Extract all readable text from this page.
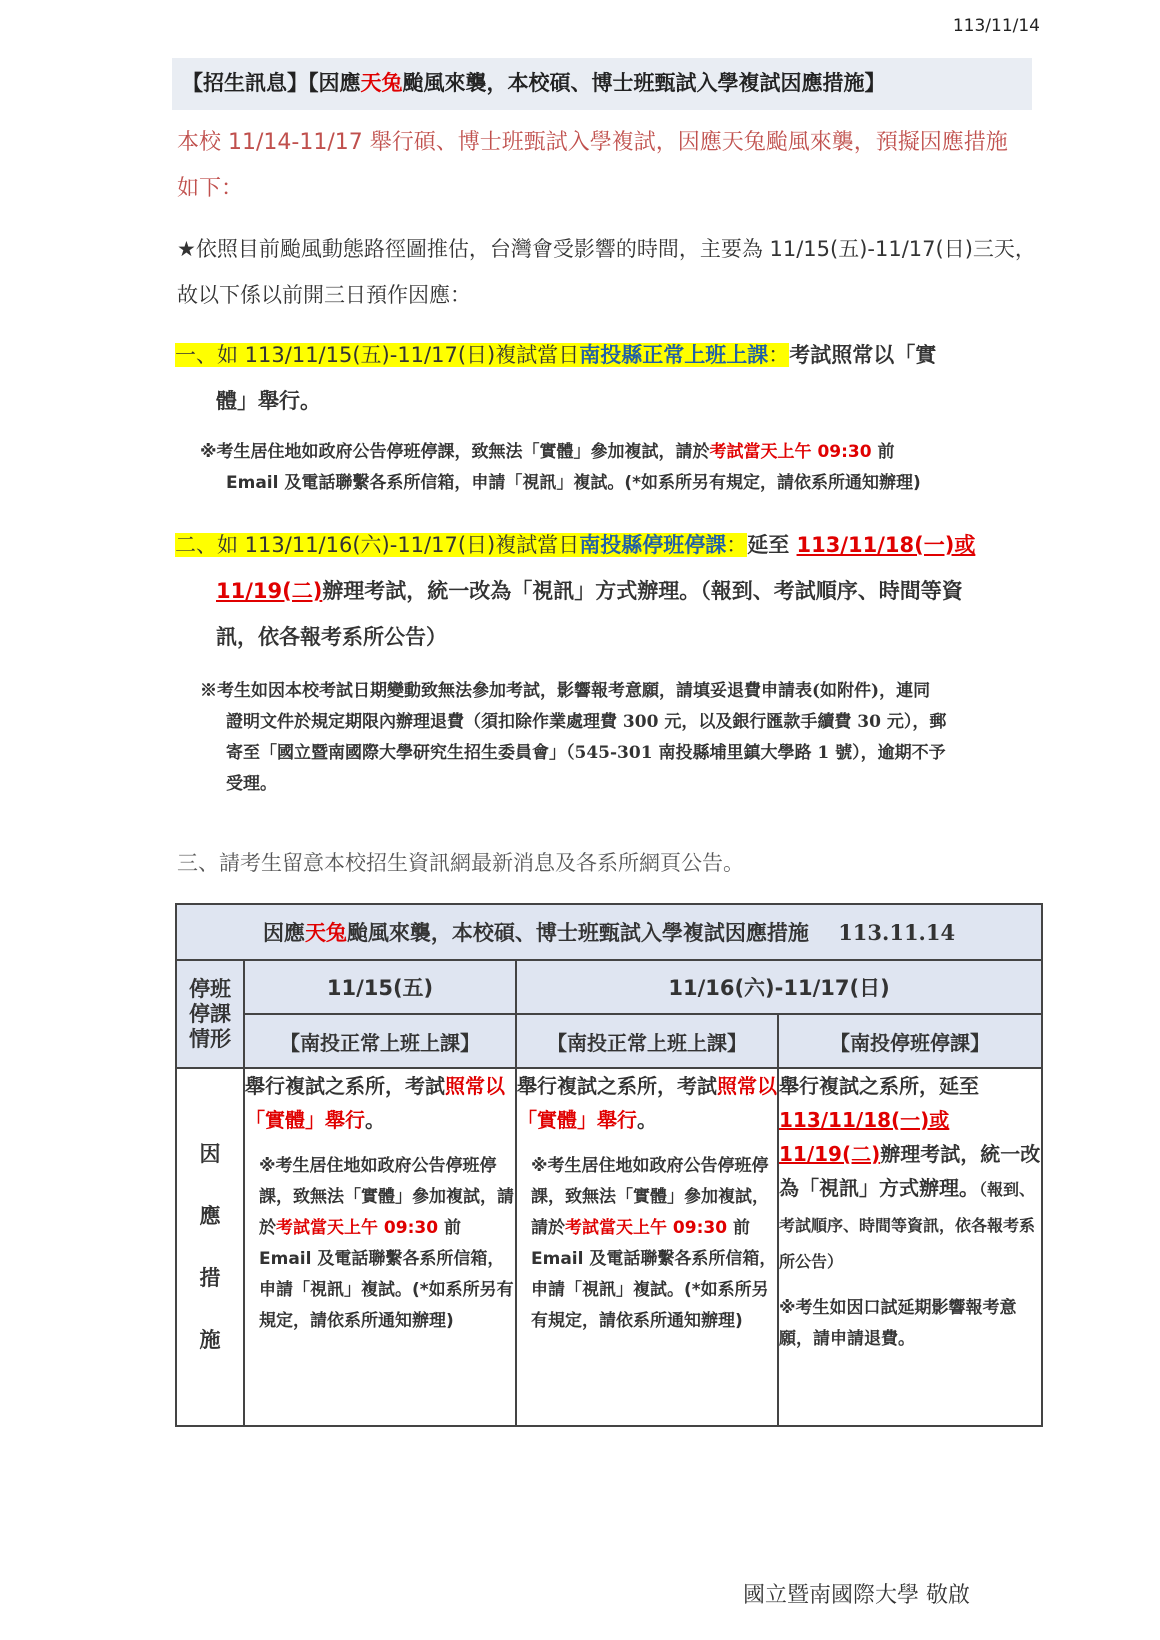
113/11/14
【招生訊息】【因應天兔颱風來襲，本校碩、博士班甄試入學複試因應措施】
本校 11/14-11/17 舉行碩、博士班甄試入學複試，因應天兔颱風來襲，預擬因應措施如下：
★依照目前颱風動態路徑圖推估，台灣會受影響的時間，主要為 11/15(五)-11/17(日)三天，故以下係以前開三日預作因應：
一、如 113/11/15(五)-11/17(日)複試當日南投縣正常上班上課：考試照常以「實
體」舉行。
※考生居住地如政府公告停班停課，致無法「實體」參加複試，請於考試當天上午 09:30 前
Email 及電話聯繫各系所信箱，申請「視訊」複試。(*如系所另有規定，請依系所通知辦理)
二、如 113/11/16(六)-11/17(日)複試當日南投縣停班停課：延至 113/11/18(一)或
11/19(二)辦理考試，統一改為「視訊」方式辦理。（報到、考試順序、時間等資
訊，依各報考系所公告）
※考生如因本校考試日期變動致無法參加考試，影響報考意願，請填妥退費申請表(如附件)，連同
證明文件於規定期限內辦理退費（須扣除作業處理費 300 元，以及銀行匯款手續費 30 元），郵
寄至「國立暨南國際大學研究生招生委員會」（545-301 南投縣埔里鎮大學路 1 號），逾期不予
受理。
三、請考生留意本校招生資訊網最新消息及各系所網頁公告。
因應天兔颱風來襲，本校碩、博士班甄試入學複試因應措施 113.11.14			

停班停課情形	11/15(五)	11/16(六)-11/17(日)	
	【南投正常上班上課】	【南投正常上班上課】	【南投停班停課】

因應措施	舉行複試之系所，考試照常以「實體」舉行。
※考生居住地如政府公告停班停課，致無法「實體」參加複試，請於考試當天上午 09:30 前 Email 及電話聯繫各系所信箱，申請「視訊」複試。(*如系所另有規定，請依系所通知辦理)	舉行複試之系所，考試照常以「實體」舉行。
※考生居住地如政府公告停班停課，致無法「實體」參加複試，請於考試當天上午 09:30 前 Email 及電話聯繫各系所信箱，申請「視訊」複試。(*如系所另有規定，請依系所通知辦理)	舉行複試之系所，延至
113/11/18(一)或
11/19(二)辦理考試，統一改為「視訊」方式辦理。（報到、考試順序、時間等資訊，依各報考系所公告）
※考生如因口試延期影響報考意願，請申請退費。
國立暨南國際大學 敬啟
